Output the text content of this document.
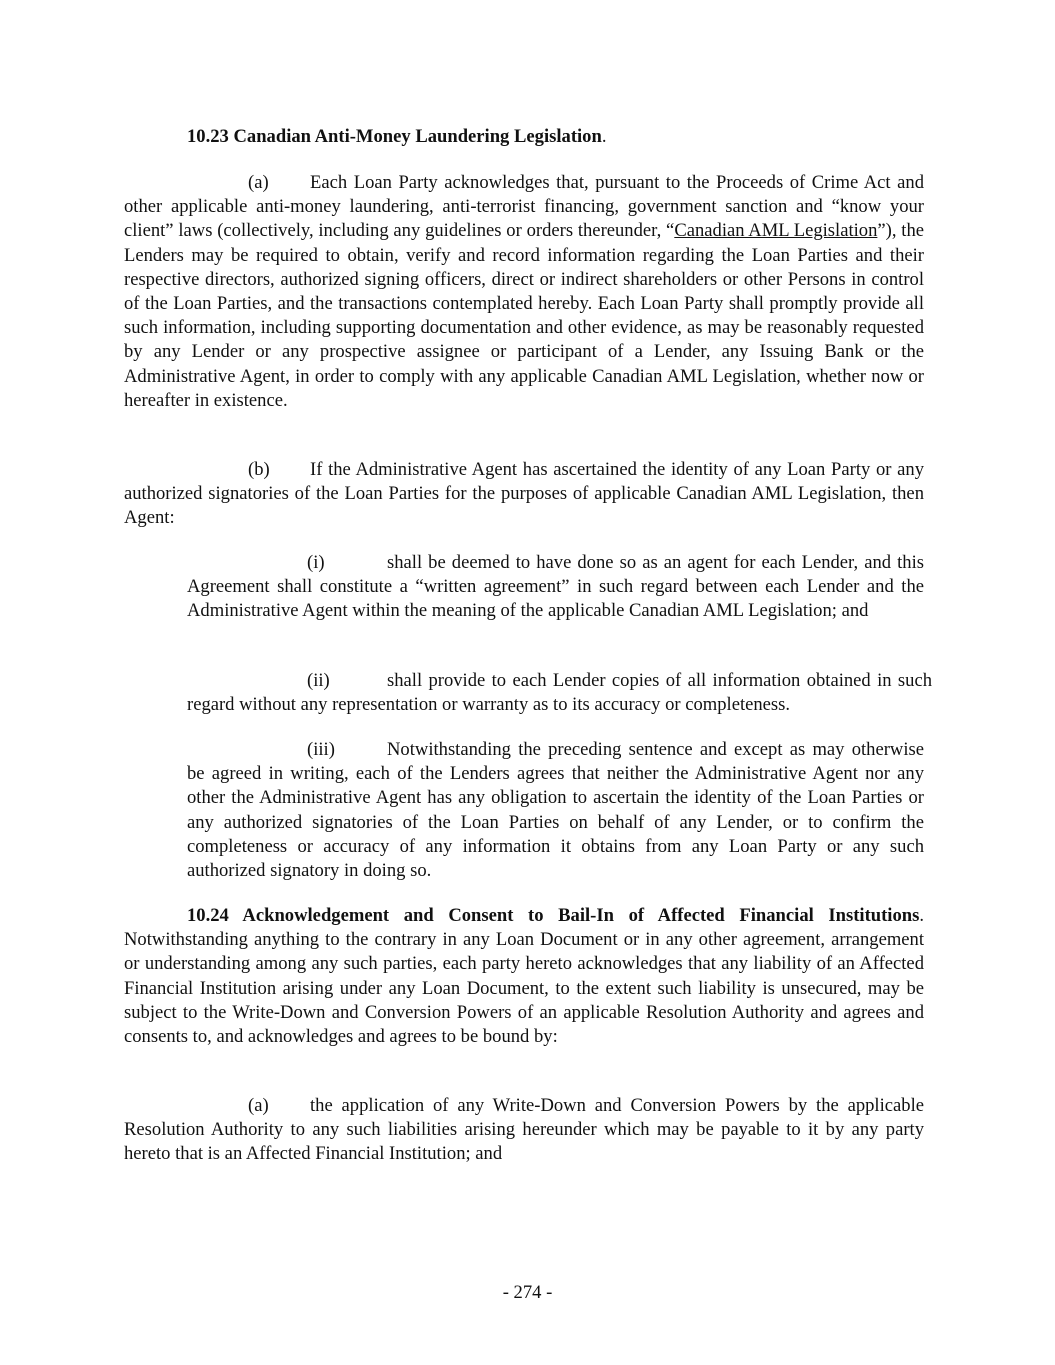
10.23 Canadian Anti-Money Laundering Legislation.
(a) Each Loan Party acknowledges that, pursuant to the Proceeds of Crime Act and other applicable anti-money laundering, anti-terrorist financing, government sanction and “know your client” laws (collectively, including any guidelines or orders thereunder, “Canadian AML Legislation”), the Lenders may be required to obtain, verify and record information regarding the Loan Parties and their respective directors, authorized signing officers, direct or indirect shareholders or other Persons in control of the Loan Parties, and the transactions contemplated hereby. Each Loan Party shall promptly provide all such information, including supporting documentation and other evidence, as may be reasonably requested by any Lender or any prospective assignee or participant of a Lender, any Issuing Bank or the Administrative Agent, in order to comply with any applicable Canadian AML Legislation, whether now or hereafter in existence.
(b) If the Administrative Agent has ascertained the identity of any Loan Party or any authorized signatories of the Loan Parties for the purposes of applicable Canadian AML Legislation, then Agent:
(i)	shall be deemed to have done so as an agent for each Lender, and this Agreement shall constitute a “written agreement” in such regard between each Lender and the Administrative Agent within the meaning of the applicable Canadian AML Legislation; and
(ii)	shall provide to each Lender copies of all information obtained in such regard without any representation or warranty as to its accuracy or completeness.
(iii)	Notwithstanding the preceding sentence and except as may otherwise be agreed in writing, each of the Lenders agrees that neither the Administrative Agent nor any other the Administrative Agent has any obligation to ascertain the identity of the Loan Parties or any authorized signatories of the Loan Parties on behalf of any Lender, or to confirm the completeness or accuracy of any information it obtains from any Loan Party or any such authorized signatory in doing so.
10.24 Acknowledgement and Consent to Bail-In of Affected Financial Institutions. Notwithstanding anything to the contrary in any Loan Document or in any other agreement, arrangement or understanding among any such parties, each party hereto acknowledges that any liability of an Affected Financial Institution arising under any Loan Document, to the extent such liability is unsecured, may be subject to the Write-Down and Conversion Powers of an applicable Resolution Authority and agrees and consents to, and acknowledges and agrees to be bound by:
(a) the application of any Write-Down and Conversion Powers by the applicable Resolution Authority to any such liabilities arising hereunder which may be payable to it by any party hereto that is an Affected Financial Institution; and
- 274 -
